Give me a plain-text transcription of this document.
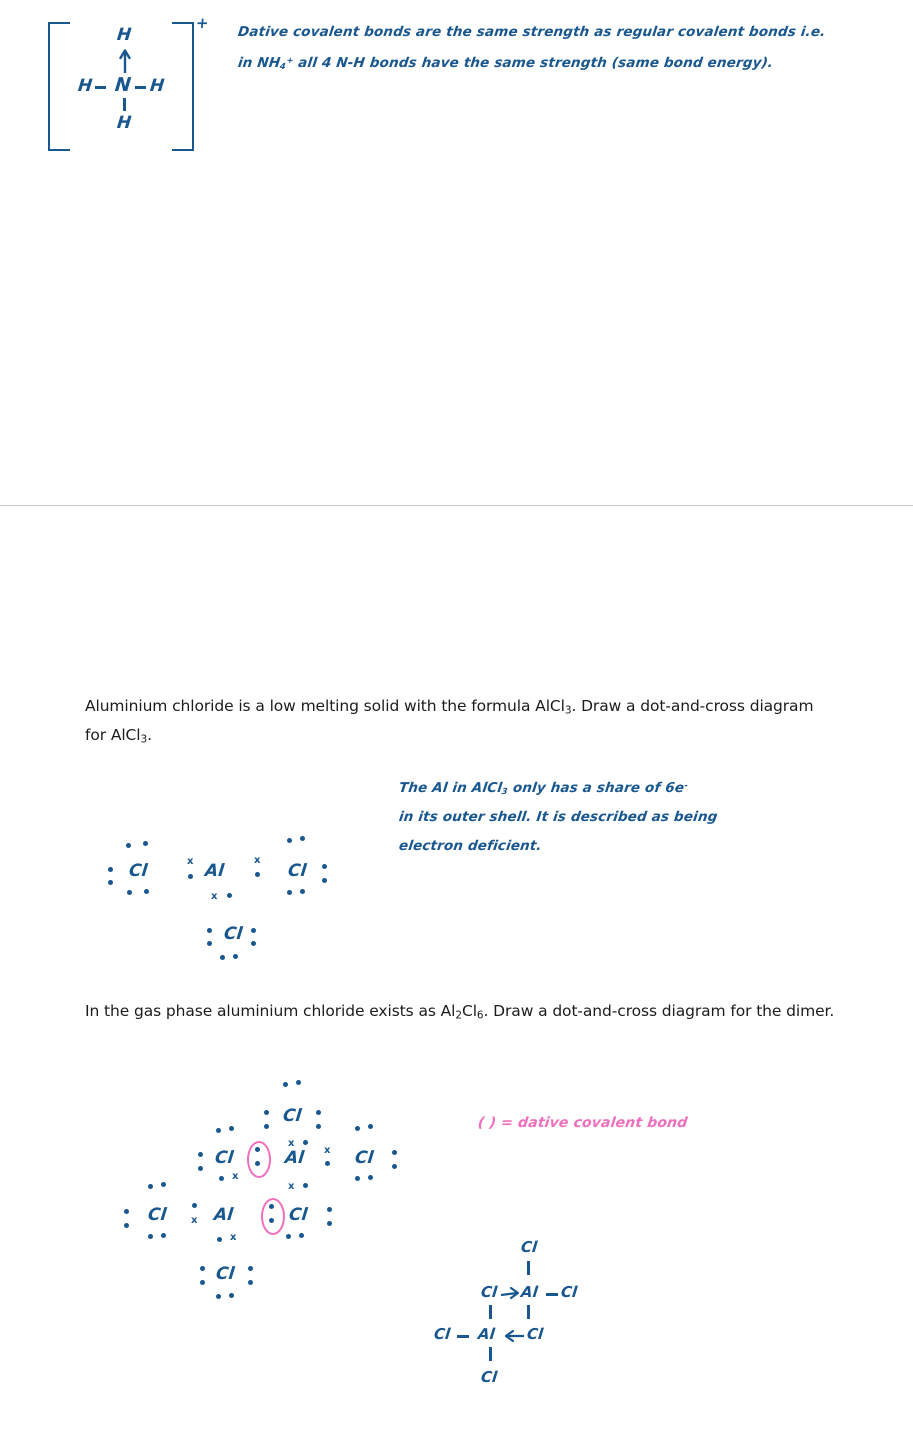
+
H
H N H
H
Dative covalent bonds are the same strength as regular covalent bonds i.e.
in $NH_4^+$ all 4 N-H bonds have the same strength (same bond energy).
Aluminium chloride is a low melting solid with the formula AlCl$_3$. Draw a dot-and-cross diagram for AlCl$_3$.
The Al in AlCl$_3$ only has a share of 6e-
in its outer shell. It is described as being
electron deficient.
Cl	x Al
x
x
Cl
Cl
In the gas phase aluminium chloride exists as $Al_2Cl_6$. Draw a dot-and-cross diagram for the dimer.
Cl
x
Cl
x
Al x Cl
x
Cl x Al	Cl
x
Cl
( ) = dative covalent bond
Cl
Cl Al Cl
Cl Al Cl
Cl
